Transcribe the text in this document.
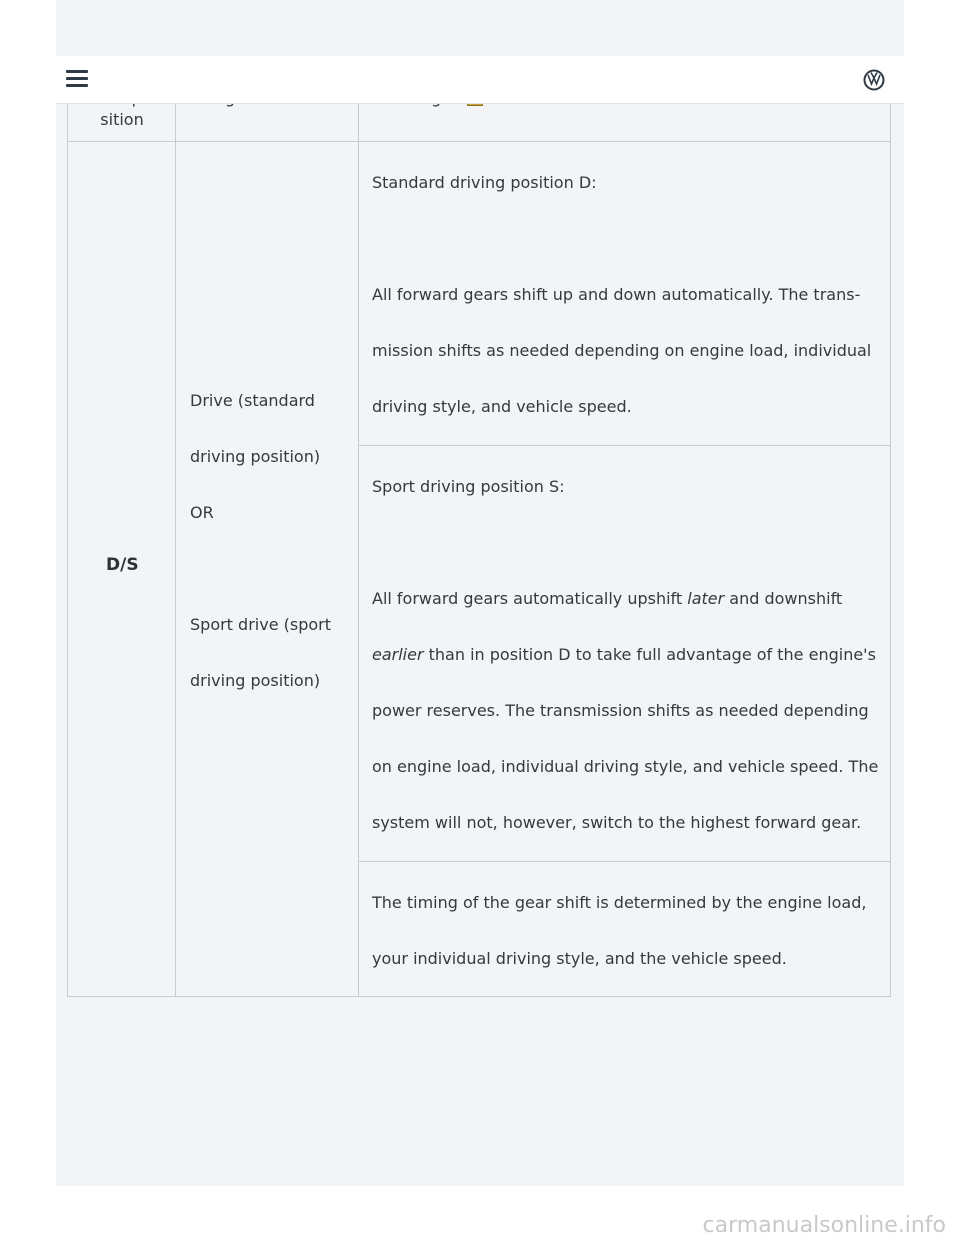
sition
D/S
Drive (standard
driving position)
OR
Sport drive (sport
driving position)
Standard driving position D:
All forward gears shift up and down automatically. The trans-
mission shifts as needed depending on engine load, individual
driving style, and vehicle speed.
Sport driving position S:
All forward gears automatically upshift later and downshift
earlier than in position D to take full advantage of the engine's
power reserves. The transmission shifts as needed depending
on engine load, individual driving style, and vehicle speed. The
system will not, however, switch to the highest forward gear.
The timing of the gear shift is determined by the engine load,
your individual driving style, and the vehicle speed.
carmanualsonline.info
